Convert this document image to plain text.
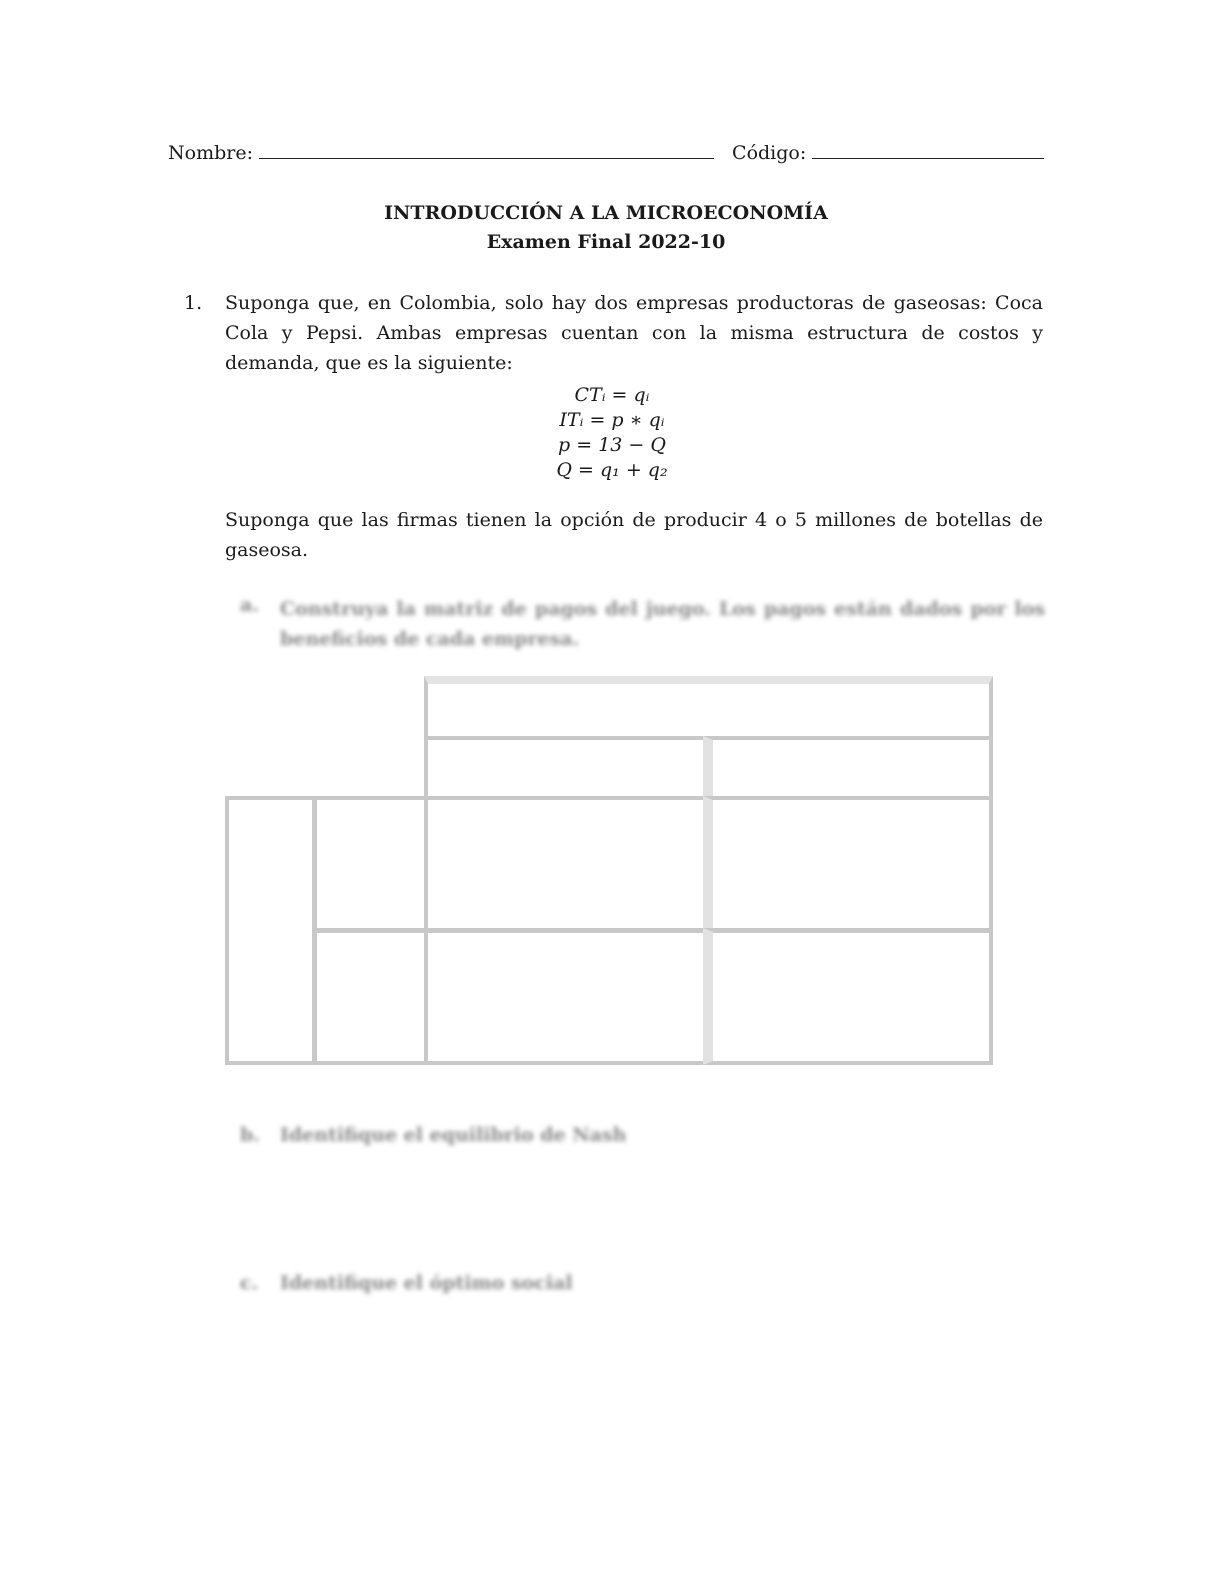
Nombre:	Código:
INTRODUCCIÓN A LA MICROECONOMÍA
Examen Final 2022-10
1. Suponga que, en Colombia, solo hay dos empresas productoras de gaseosas: Coca Cola y Pepsi. Ambas empresas cuentan con la misma estructura de costos y demanda, que es la siguiente:
CTᵢ = qᵢ
ITᵢ = p ∗ qᵢ
p = 13 − Q
Q = q₁ + q₂
Suponga que las firmas tienen la opción de producir 4 o 5 millones de botellas de gaseosa.
a. Construya la matriz de pagos del juego. Los pagos están dados por los beneficios de cada empresa.
b. Identifique el equilibrio de Nash
c. Identifique el óptimo social
